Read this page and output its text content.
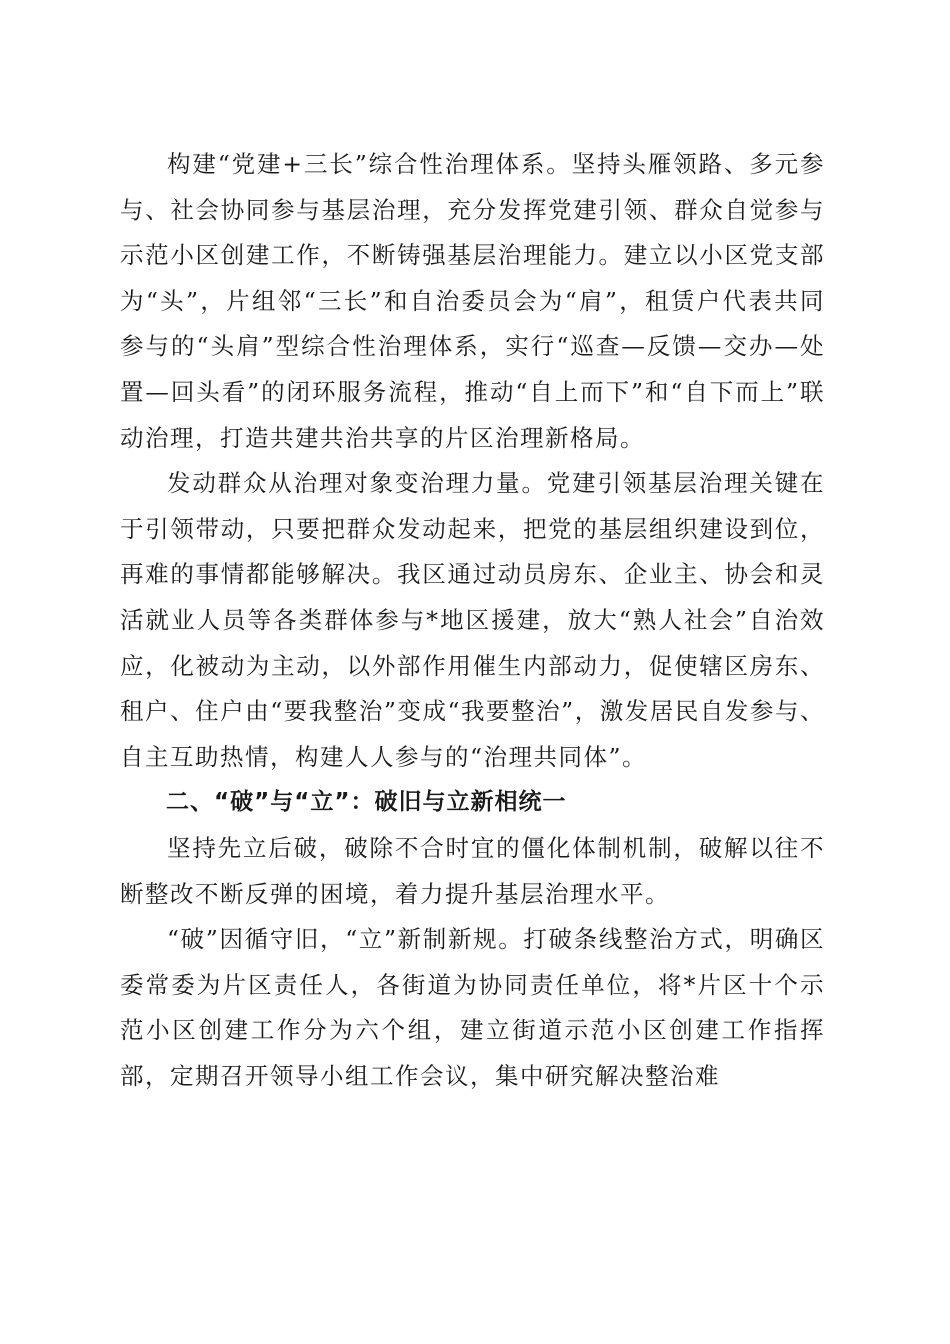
构建“党建+三长”综合性治理体系。坚持头雁领路、多元参与、社会协同参与基层治理，充分发挥党建引领、群众自觉参与示范小区创建工作，不断铸强基层治理能力。建立以小区党支部为“头”，片组邻“三长”和自治委员会为“肩”，租赁户代表共同参与的“头肩”型综合性治理体系，实行“巡查—反馈—交办—处置—回头看”的闭环服务流程，推动“自上而下”和“自下而上”联动治理，打造共建共治共享的片区治理新格局。

发动群众从治理对象变治理力量。党建引领基层治理关键在于引领带动，只要把群众发动起来，把党的基层组织建设到位，再难的事情都能够解决。我区通过动员房东、企业主、协会和灵活就业人员等各类群体参与*地区援建，放大“熟人社会”自治效应，化被动为主动，以外部作用催生内部动力，促使辖区房东、租户、住户由“要我整治”变成“我要整治”，激发居民自发参与、自主互助热情，构建人人参与的“治理共同体”。

二、“破”与“立”：破旧与立新相统一

坚持先立后破，破除不合时宜的僵化体制机制，破解以往不断整改不断反弹的困境，着力提升基层治理水平。

“破”因循守旧，“立”新制新规。打破条线整治方式，明确区委常委为片区责任人，各街道为协同责任单位，将*片区十个示范小区创建工作分为六个组，建立街道示范小区创建工作指挥部，定期召开领导小组工作会议，集中研究解决整治难
